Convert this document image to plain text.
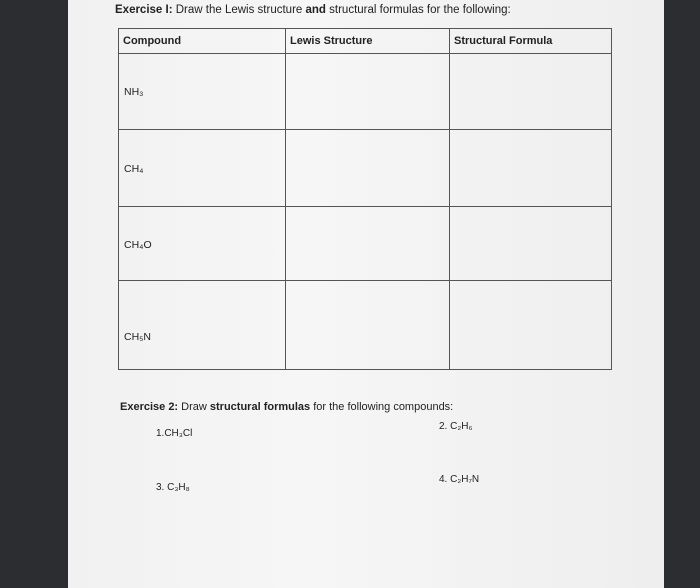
Exercise I: Draw the Lewis structure and structural formulas for the following:
Compound	Lewis Structure	Structural Formula
NH₃		
CH₄		
CH₄O		
CH₅N		
Exercise 2: Draw structural formulas for the following compounds:
1.CH₃Cl
2. C₂H₆
3. C₃H₈
4. C₂H₇N
